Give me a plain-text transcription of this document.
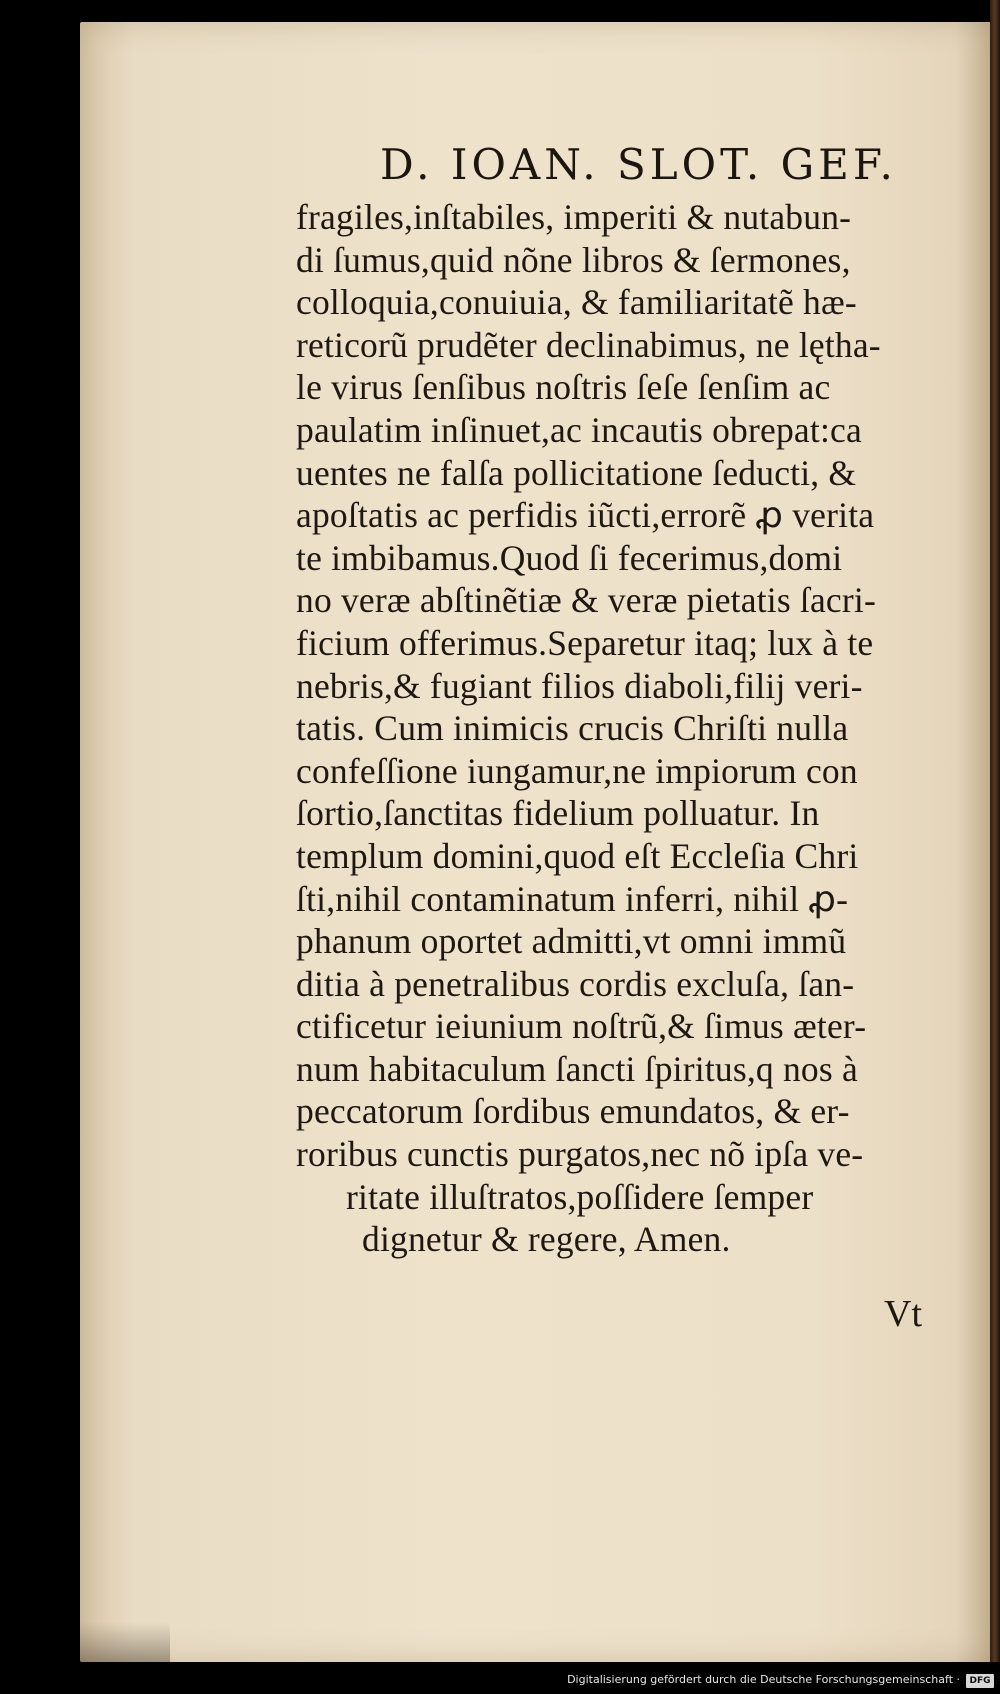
D. IOAN. SLOT. GEF.
fragiles,inſtabiles, imperiti & nutabun-
di ſumus,quid nõne libros & ſermones,
colloquia,conuiuia, & familiaritatẽ hæ-
reticorũ prudẽter declinabimus, ne lętha-
le virus ſenſibus noſtris ſeſe ſenſim ac
paulatim inſinuet,ac incautis obrepat:ca
uentes ne falſa pollicitatione ſeducti, &
apoſtatis ac perfidis iũcti,errorẽ ꝓ verita
te imbibamus.Quod ſi fecerimus,domi
no veræ abſtinẽtiæ & veræ pietatis ſacri-
ficium offerimus.Separetur itaq; lux à te
nebris,& fugiant filios diaboli,filij veri-
tatis. Cum inimicis crucis Chriſti nulla
confeſſione iungamur,ne impiorum con
ſortio,ſanctitas fidelium polluatur. In
templum domini,quod eſt Eccleſia Chri
ſti,nihil contaminatum inferri, nihil ꝓ-
phanum oportet admitti,vt omni immũ
ditia à penetralibus cordis excluſa, ſan-
ctificetur ieiunium noſtrũ,& ſimus æter-
num habitaculum ſancti ſpiritus,q nos à
peccatorum ſordibus emundatos, & er-
roribus cunctis purgatos,nec nõ ipſa ve-
ritate illuſtratos,poſſidere ſemper
dignetur & regere, Amen.
Vt
Digitalisierung gefördert durch die Deutsche Forschungsgemeinschaft ·	DFG
